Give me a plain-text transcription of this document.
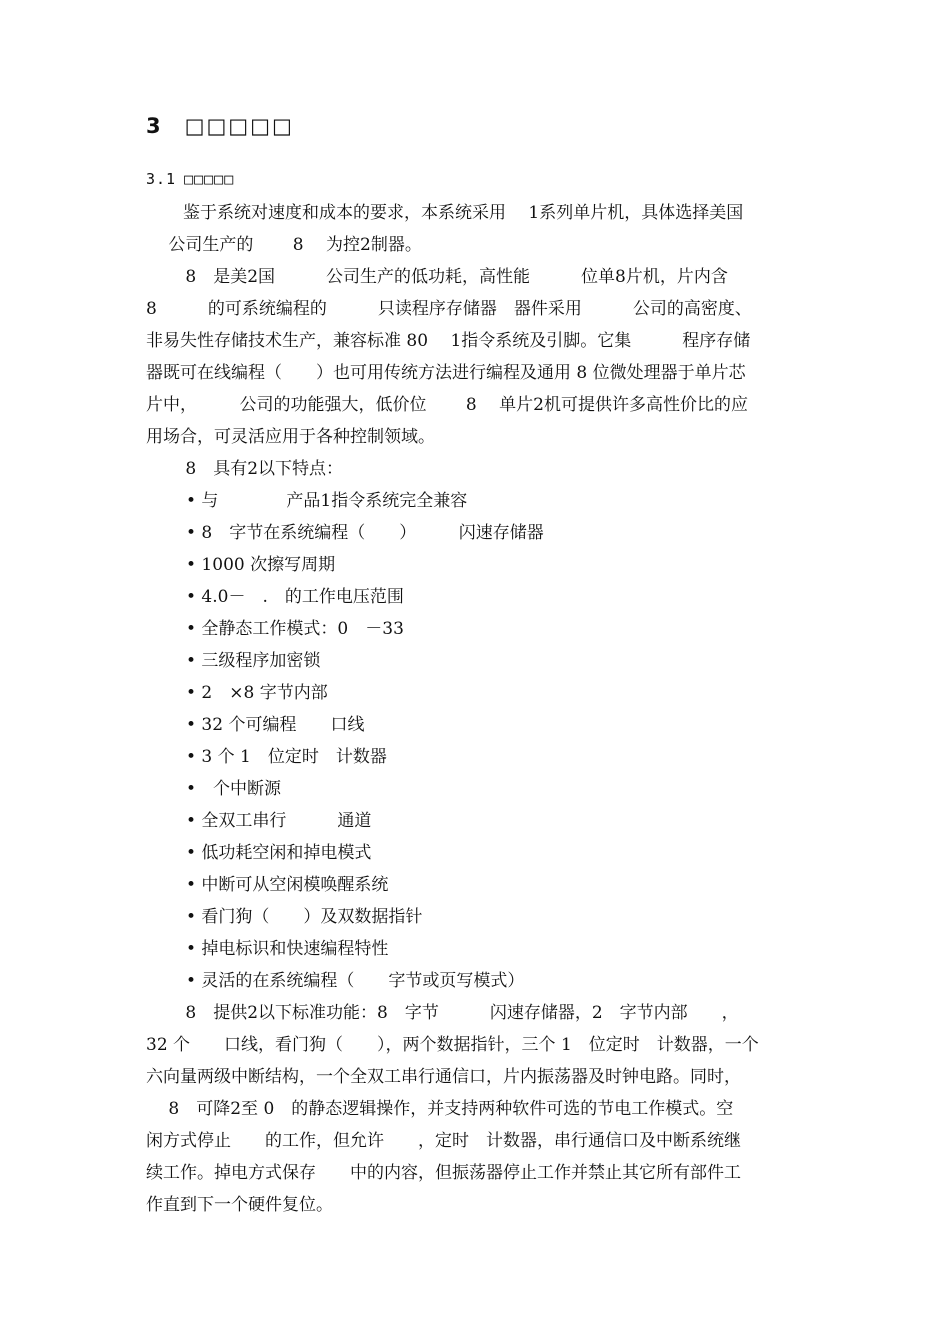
3 □□□□□
3.1 □□□□□
鉴于系统对速度和成本的要求，本系统采用　 1系列单片机，具体选择美国
　 公司生产的　　 8　 为控2制器。
　　 8　是美2国　　　公司生产的低功耗，高性能　　　位单8片机，片内含
8　　　的可系统编程的　　　只读程序存储器　器件采用　　　公司的高密度、
非易失性存储技术生产，兼容标准 80　 1指令系统及引脚。它集　　　程序存储
器既可在线编程（　　）也可用传统方法进行编程及通用 8 位微处理器于单片芯
片中，　　　公司的功能强大，低价位　　 8　 单片2机可提供许多高性价比的应
用场合，可灵活应用于各种控制领域。
　　 8　具有2以下特点：
• 与　　　　产品1指令系统完全兼容
• 8　字节在系统编程（　　）　　　闪速存储器
• 1000 次擦写周期
• 4.0－　.　的工作电压范围
• 全静态工作模式：0　－33
• 三级程序加密锁
• 2　×8 字节内部
• 32 个可编程　　口线
• 3 个 1　位定时　计数器
•　个中断源
• 全双工串行　　　通道
• 低功耗空闲和掉电模式
• 中断可从空闲模唤醒系统
• 看门狗（　　）及双数据指针
• 掉电标识和快速编程特性
• 灵活的在系统编程（　　字节或页写模式）
　　 8　提供2以下标准功能：8　字节　　　闪速存储器，2　字节内部　　，
32 个　　口线，看门狗（　　），两个数据指针，三个 1　位定时　计数器，一个
六向量两级中断结构，一个全双工串行通信口，片内振荡器及时钟电路。同时，
　 8　可降2至 0　的静态逻辑操作，并支持两种软件可选的节电工作模式。空
闲方式停止　　的工作，但允许　　，定时　计数器，串行通信口及中断系统继
续工作。掉电方式保存　　中的内容，但振荡器停止工作并禁止其它所有部件工
作直到下一个硬件复位。
